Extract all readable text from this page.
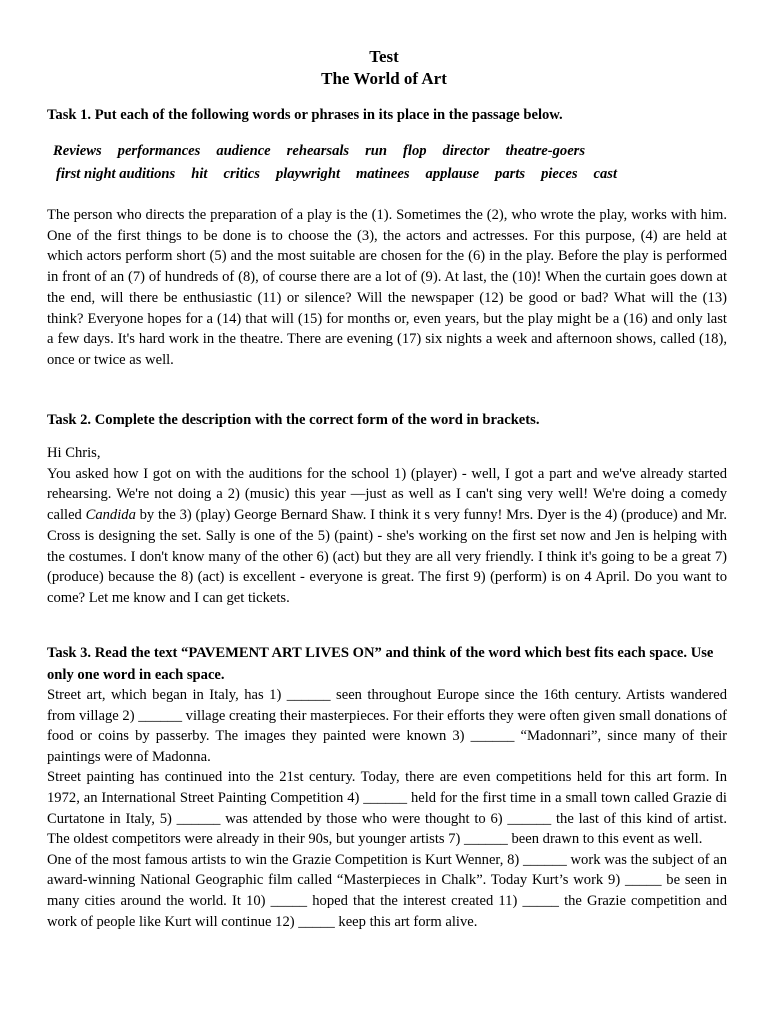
Test
The World of Art
Task 1. Put each of the following words or phrases in its place in the passage below.
Reviews performances audience rehearsals run flop director theatre-goers
first night auditions hit critics playwright matinees applause parts pieces cast
The person who directs the preparation of a play is the (1). Sometimes the (2), who wrote the play, works with him. One of the first things to be done is to choose the (3), the actors and actresses. For this purpose, (4) are held at which actors perform short (5) and the most suitable are chosen for the (6) in the play. Before the play is performed in front of an (7) of hundreds of (8), of course there are a lot of (9). At last, the (10)! When the curtain goes down at the end, will there be enthusiastic (11) or silence? Will the newspaper (12) be good or bad? What will the (13) think? Everyone hopes for a (14) that will (15) for months or, even years, but the play might be a (16) and only last a few days. It's hard work in the theatre. There are evening (17) six nights a week and afternoon shows, called (18), once or twice as well.
Task 2. Complete the description with the correct form of the word in brackets.
Hi Chris,
You asked how I got on with the auditions for the school 1) (player) - well, I got a part and we've already started rehearsing. We're not doing a 2) (music) this year —just as well as I can't sing very well! We're doing a comedy called Candida by the 3) (play) George Bernard Shaw. I think it s very funny! Mrs. Dyer is the 4) (produce) and Mr. Cross is designing the set. Sally is one of the 5) (paint) - she's working on the first set now and Jen is helping with the costumes. I don't know many of the other 6) (act) but they are all very friendly. I think it's going to be a great 7) (produce) because the 8) (act) is excellent - everyone is great. The first 9) (perform) is on 4 April. Do you want to come? Let me know and I can get tickets.
Task 3. Read the text “PAVEMENT ART LIVES ON” and think of the word which best fits each space. Use only one word in each space.
Street art, which began in Italy, has 1) ______ seen throughout Europe since the 16th century. Artists wandered from village 2) ______ village creating their masterpieces. For their efforts they were often given small donations of food or coins by passerby. The images they painted were known 3) ______ “Madonnari”, since many of their paintings were of Madonna.
Street painting has continued into the 21st century. Today, there are even competitions held for this art form. In 1972, an International Street Painting Competition 4) ______ held for the first time in a small town called Grazie di Curtatone in Italy, 5) ______ was attended by those who were thought to 6) ______ the last of this kind of artist. The oldest competitors were already in their 90s, but younger artists 7) ______ been drawn to this event as well.
One of the most famous artists to win the Grazie Competition is Kurt Wenner, 8) ______ work was the subject of an award-winning National Geographic film called “Masterpieces in Chalk”. Today Kurt’s work 9) _____ be seen in many cities around the world. It 10) _____ hoped that the interest created 11) _____ the Grazie competition and work of people like Kurt will continue 12) _____ keep this art form alive.
